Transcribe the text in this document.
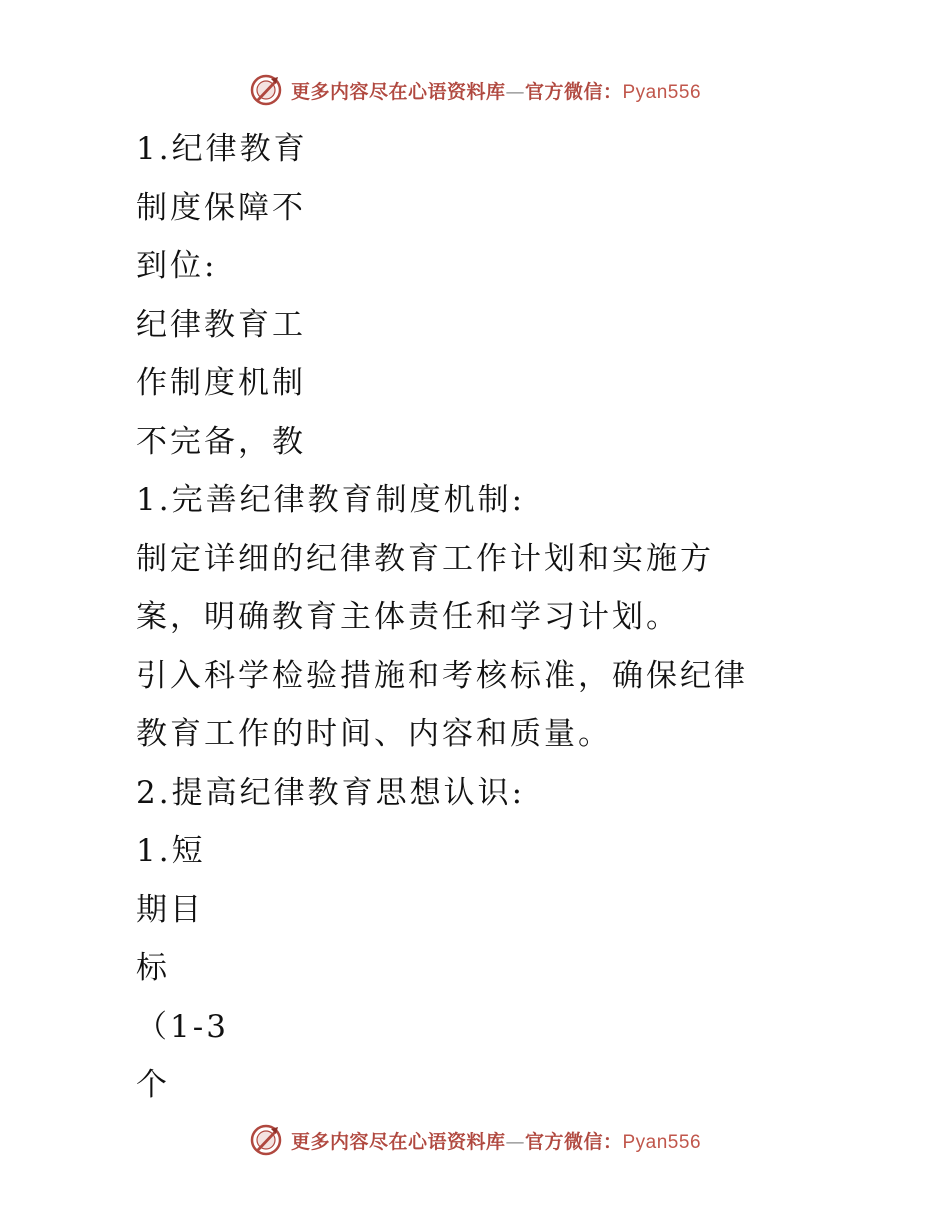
更多内容尽在心语资料库—官方微信：Pyan556
1.纪律教育
制度保障不
到位:
纪律教育工
作制度机制
不完备，教
1.完善纪律教育制度机制:
制定详细的纪律教育工作计划和实施方
案，明确教育主体责任和学习计划。
引入科学检验措施和考核标准，确保纪律
教育工作的时间、内容和质量。
2.提高纪律教育思想认识:
1.短
期目
标
（1-3
个
更多内容尽在心语资料库—官方微信：Pyan556
